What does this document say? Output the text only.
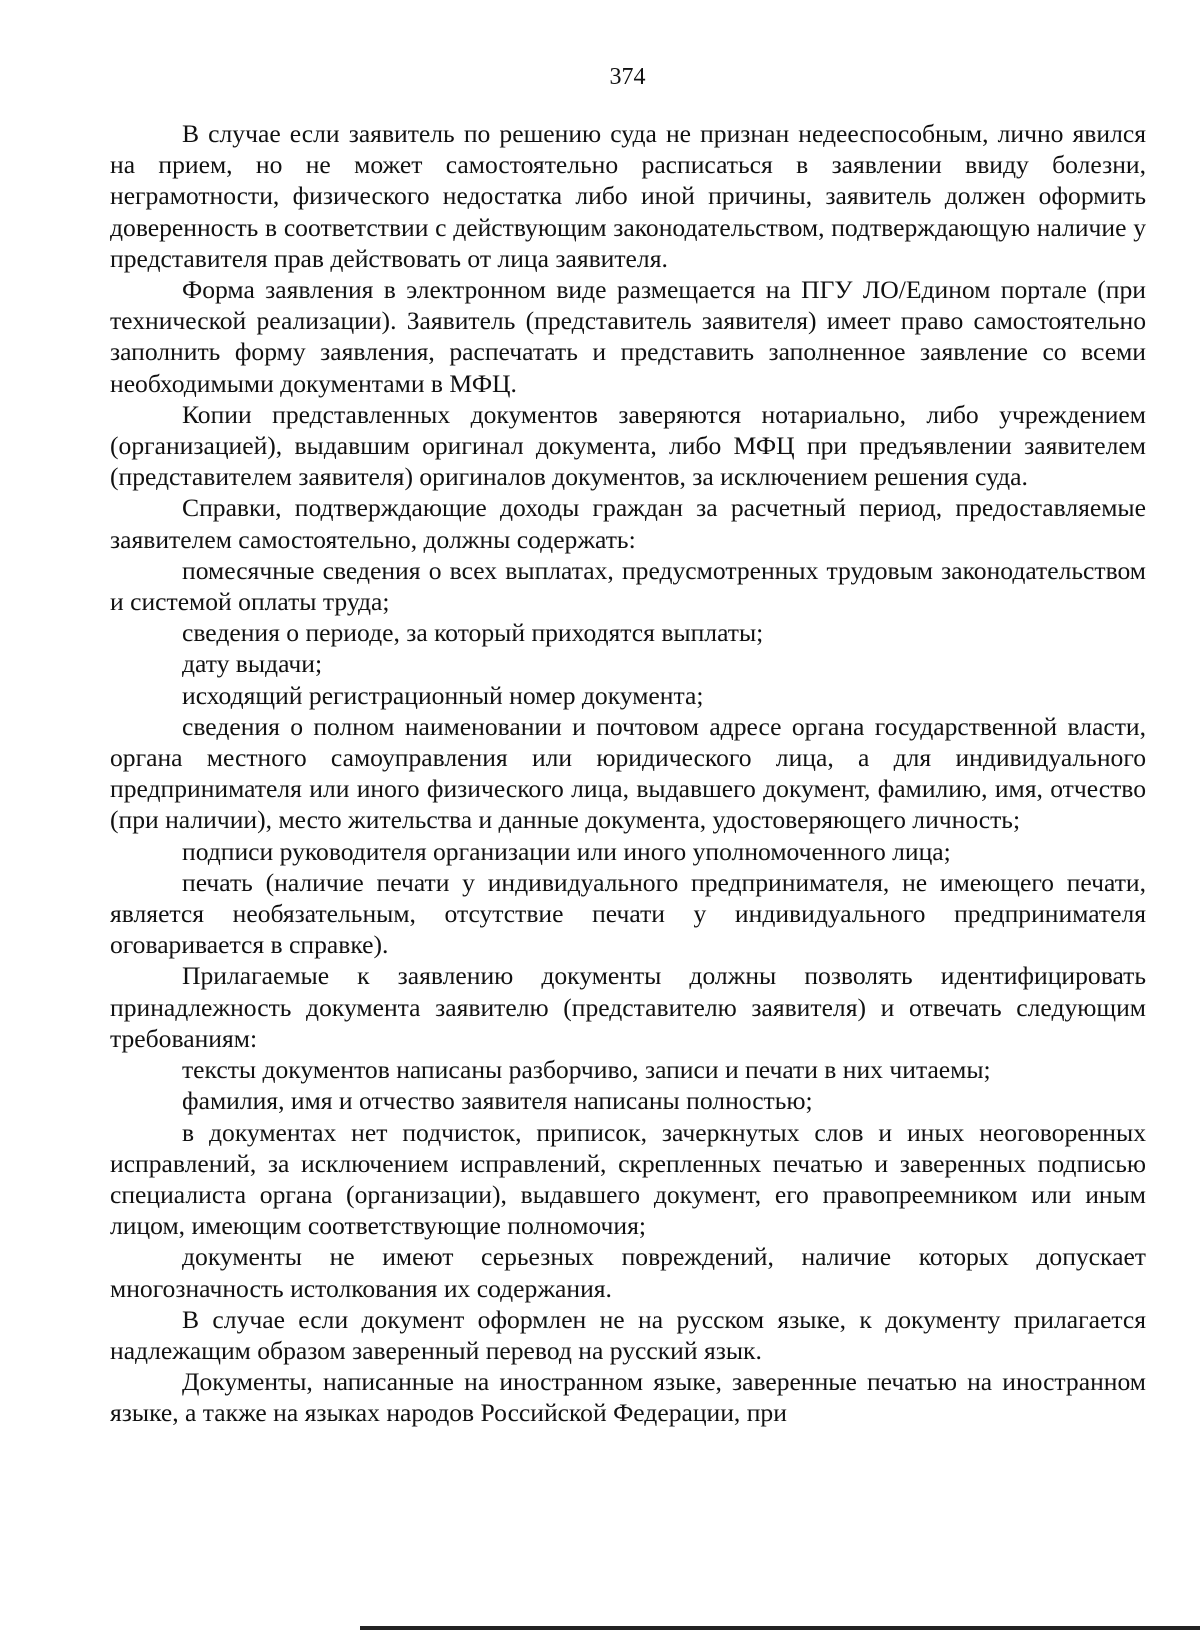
374

В случае если заявитель по решению суда не признан недееспособным, лично явился на прием, но не может самостоятельно расписаться в заявлении ввиду болезни, неграмотности, физического недостатка либо иной причины, заявитель должен оформить доверенность в соответствии с действующим законодательством, подтверждающую наличие у представителя прав действовать от лица заявителя.

Форма заявления в электронном виде размещается на ПГУ ЛО/Едином портале (при технической реализации). Заявитель (представитель заявителя) имеет право самостоятельно заполнить форму заявления, распечатать и представить заполненное заявление со всеми необходимыми документами в МФЦ.

Копии представленных документов заверяются нотариально, либо учреждением (организацией), выдавшим оригинал документа, либо МФЦ при предъявлении заявителем (представителем заявителя) оригиналов документов, за исключением решения суда.

Справки, подтверждающие доходы граждан за расчетный период, предоставляемые заявителем самостоятельно, должны содержать:

помесячные сведения о всех выплатах, предусмотренных трудовым законодательством и системой оплаты труда;

сведения о периоде, за который приходятся выплаты;

дату выдачи;

исходящий регистрационный номер документа;

сведения о полном наименовании и почтовом адресе органа государственной власти, органа местного самоуправления или юридического лица, а для индивидуального предпринимателя или иного физического лица, выдавшего документ, фамилию, имя, отчество (при наличии), место жительства и данные документа, удостоверяющего личность;

подписи руководителя организации или иного уполномоченного лица;

печать (наличие печати у индивидуального предпринимателя, не имеющего печати, является необязательным, отсутствие печати у индивидуального предпринимателя оговаривается в справке).

Прилагаемые к заявлению документы должны позволять идентифицировать принадлежность документа заявителю (представителю заявителя) и отвечать следующим требованиям:

тексты документов написаны разборчиво, записи и печати в них читаемы;

фамилия, имя и отчество заявителя написаны полностью;

в документах нет подчисток, приписок, зачеркнутых слов и иных неоговоренных исправлений, за исключением исправлений, скрепленных печатью и заверенных подписью специалиста органа (организации), выдавшего документ, его правопреемником или иным лицом, имеющим соответствующие полномочия;

документы не имеют серьезных повреждений, наличие которых допускает многозначность истолкования их содержания.

В случае если документ оформлен не на русском языке, к документу прилагается надлежащим образом заверенный перевод на русский язык.

Документы, написанные на иностранном языке, заверенные печатью на иностранном языке, а также на языках народов Российской Федерации, при
